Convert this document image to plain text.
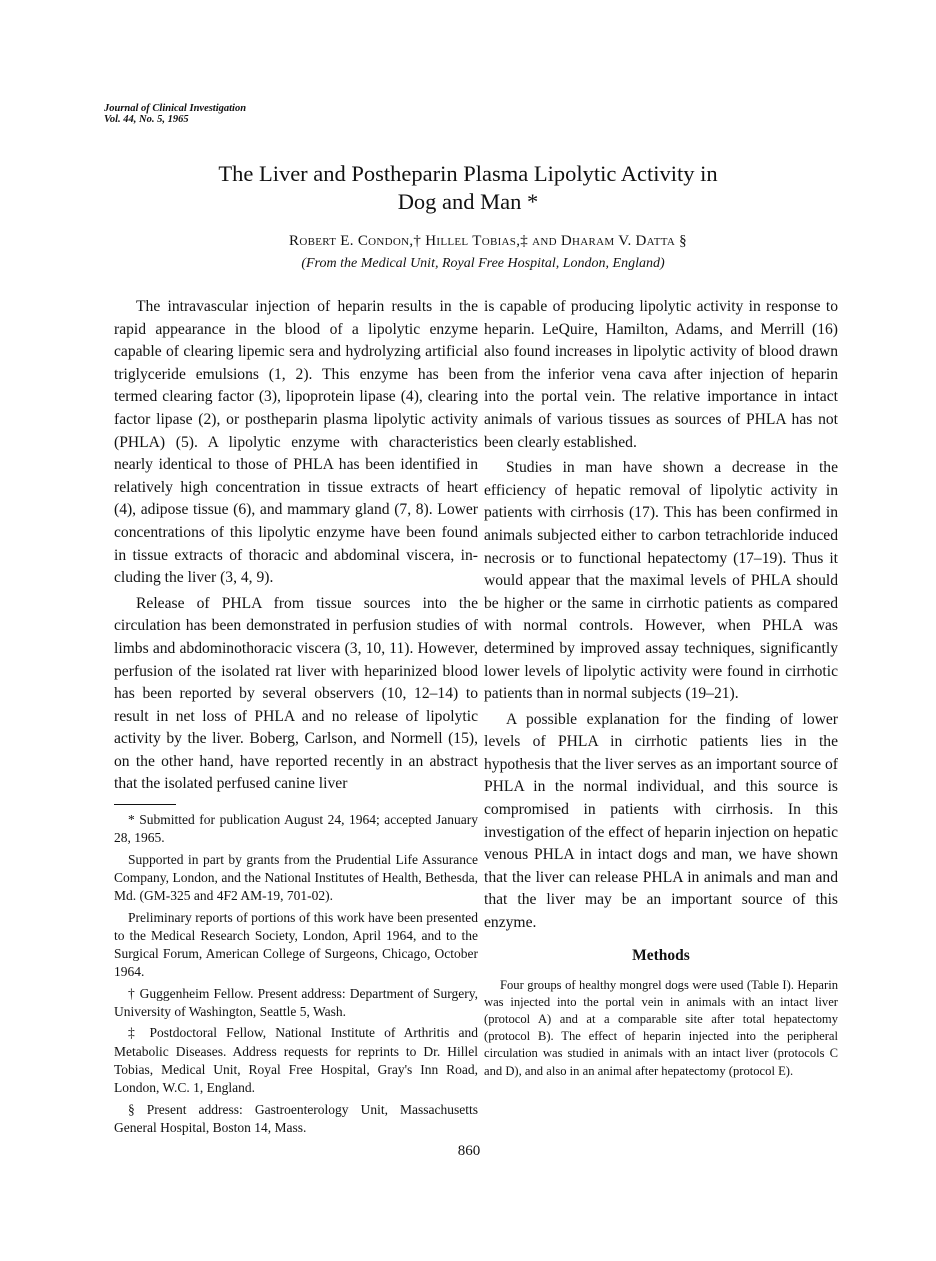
Journal of Clinical Investigation
Vol. 44, No. 5, 1965
The Liver and Postheparin Plasma Lipolytic Activity in
Dog and Man *
Robert E. Condon,† Hillel Tobias,‡ and Dharam V. Datta §
(From the Medical Unit, Royal Free Hospital, London, England)

The intravascular injection of heparin results in the rapid appearance in the blood of a lipolytic enzyme capable of clearing lipemic sera and hydrolyzing artificial triglyceride emulsions (1, 2). This enzyme has been termed clearing factor (3), lipoprotein lipase (4), clearing factor lipase (2), or postheparin plasma lipolytic activity (PHLA) (5). A lipolytic enzyme with characteristics nearly identical to those of PHLA has been identified in relatively high concentration in tissue extracts of heart (4), adipose tissue (6), and mammary gland (7, 8). Lower concentrations of this lipolytic enzyme have been found in tissue extracts of thoracic and abdominal viscera, including the liver (3, 4, 9).

Release of PHLA from tissue sources into the circulation has been demonstrated in perfusion studies of limbs and abdominothoracic viscera (3, 10, 11). However, perfusion of the isolated rat liver with heparinized blood has been reported by several observers (10, 12–14) to result in net loss of PHLA and no release of lipolytic activity by the liver. Boberg, Carlson, and Normell (15), on the other hand, have reported recently in an abstract that the isolated perfused canine liver

* Submitted for publication August 24, 1964; accepted January 28, 1965.

Supported in part by grants from the Prudential Life Assurance Company, London, and the National Institutes of Health, Bethesda, Md. (GM-325 and 4F2 AM-19, 701-02).

Preliminary reports of portions of this work have been presented to the Medical Research Society, London, April 1964, and to the Surgical Forum, American College of Surgeons, Chicago, October 1964.

† Guggenheim Fellow. Present address: Department of Surgery, University of Washington, Seattle 5, Wash.

‡ Postdoctoral Fellow, National Institute of Arthritis and Metabolic Diseases. Address requests for reprints to Dr. Hillel Tobias, Medical Unit, Royal Free Hospital, Gray's Inn Road, London, W.C. 1, England.

§ Present address: Gastroenterology Unit, Massachusetts General Hospital, Boston 14, Mass.

is capable of producing lipolytic activity in response to heparin. LeQuire, Hamilton, Adams, and Merrill (16) also found increases in lipolytic activity of blood drawn from the inferior vena cava after injection of heparin into the portal vein. The relative importance in intact animals of various tissues as sources of PHLA has not been clearly established.

Studies in man have shown a decrease in the efficiency of hepatic removal of lipolytic activity in patients with cirrhosis (17). This has been confirmed in animals subjected either to carbon tetrachloride induced necrosis or to functional hepatectomy (17–19). Thus it would appear that the maximal levels of PHLA should be higher or the same in cirrhotic patients as compared with normal controls. However, when PHLA was determined by improved assay techniques, significantly lower levels of lipolytic activity were found in cirrhotic patients than in normal subjects (19–21).

A possible explanation for the finding of lower levels of PHLA in cirrhotic patients lies in the hypothesis that the liver serves as an important source of PHLA in the normal individual, and this source is compromised in patients with cirrhosis. In this investigation of the effect of heparin injection on hepatic venous PHLA in intact dogs and man, we have shown that the liver can release PHLA in animals and man and that the liver may be an important source of this enzyme.

Methods

Four groups of healthy mongrel dogs were used (Table I). Heparin was injected into the portal vein in animals with an intact liver (protocol A) and at a comparable site after total hepatectomy (protocol B). The effect of heparin injected into the peripheral circulation was studied in animals with an intact liver (protocols C and D), and also in an animal after hepatectomy (protocol E).

860
